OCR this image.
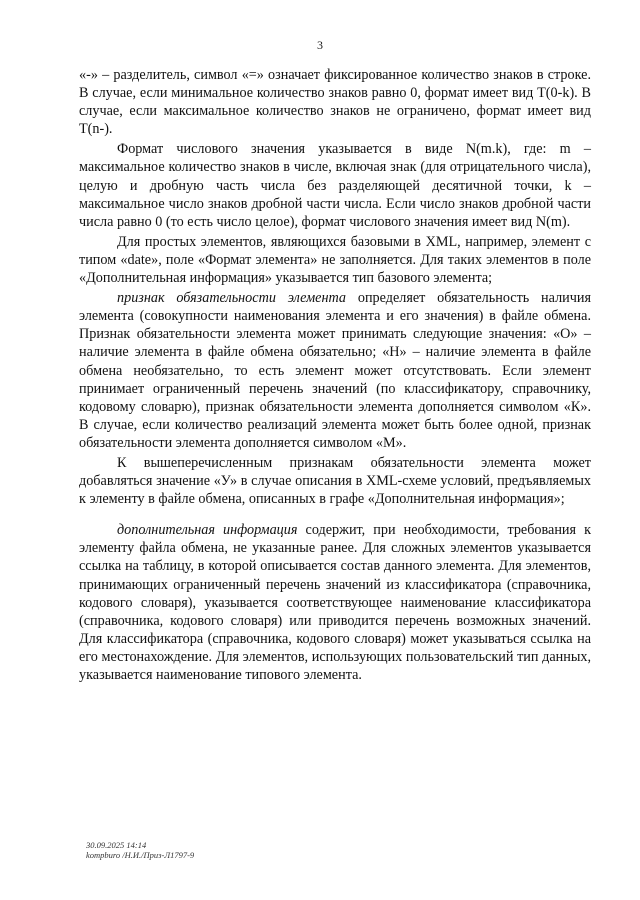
3

«-» – разделитель, символ «=» означает фиксированное количество знаков в строке. В случае, если минимальное количество знаков равно 0, формат имеет вид T(0-k). В случае, если максимальное количество знаков не ограничено, формат имеет вид T(n-).

Формат числового значения указывается в виде N(m.k), где: m – максимальное количество знаков в числе, включая знак (для отрицательного числа), целую и дробную часть числа без разделяющей десятичной точки, k – максимальное число знаков дробной части числа. Если число знаков дробной части числа равно 0 (то есть число целое), формат числового значения имеет вид N(m).

Для простых элементов, являющихся базовыми в XML, например, элемент с типом «date», поле «Формат элемента» не заполняется. Для таких элементов в поле «Дополнительная информация» указывается тип базового элемента;

признак обязательности элемента определяет обязательность наличия элемента (совокупности наименования элемента и его значения) в файле обмена. Признак обязательности элемента может принимать следующие значения: «О» – наличие элемента в файле обмена обязательно; «Н» – наличие элемента в файле обмена необязательно, то есть элемент может отсутствовать. Если элемент принимает ограниченный перечень значений (по классификатору, справочнику, кодовому словарю), признак обязательности элемента дополняется символом «К». В случае, если количество реализаций элемента может быть более одной, признак обязательности элемента дополняется символом «М».

К вышеперечисленным признакам обязательности элемента может добавляться значение «У» в случае описания в XML-схеме условий, предъявляемых к элементу в файле обмена, описанных в графе «Дополнительная информация»;

дополнительная информация содержит, при необходимости, требования к элементу файла обмена, не указанные ранее. Для сложных элементов указывается ссылка на таблицу, в которой описывается состав данного элемента. Для элементов, принимающих ограниченный перечень значений из классификатора (справочника, кодового словаря), указывается соответствующее наименование классификатора (справочника, кодового словаря) или приводится перечень возможных значений. Для классификатора (справочника, кодового словаря) может указываться ссылка на его местонахождение. Для элементов, использующих пользовательский тип данных, указывается наименование типового элемента.

30.09.2025 14:14
kompburo /Н.И./Приз-Л1797-9
